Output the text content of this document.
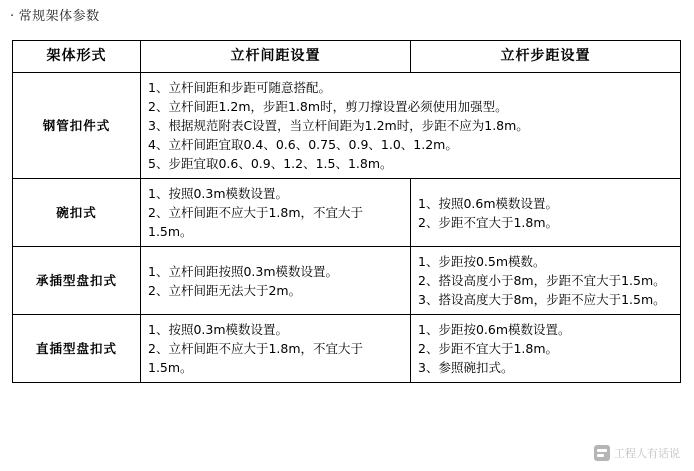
· 常规架体参数
架体形式	立杆间距设置	立杆步距设置
钢管扣件式	1、立杆间距和步距可随意搭配。
2、立杆间距1.2m，步距1.8m时，剪刀撑设置必须使用加强型。
3、根据规范附表C设置，当立杆间距为1.2m时，步距不应为1.8m。
4、立杆间距宜取0.4、0.6、0.75、0.9、1.0、1.2m。
5、步距宜取0.6、0.9、1.2、1.5、1.8m。	

碗扣式	1、按照0.3m模数设置。
2、立杆间距不应大于1.8m，不宜大于1.5m。	1、按照0.6m模数设置。
2、步距不宜大于1.8m。

承插型盘扣式	1、立杆间距按照0.3m模数设置。
2、立杆间距无法大于2m。	1、步距按0.5m模数。
2、搭设高度小于8m，步距不宜大于1.5m。
3、搭设高度大于8m，步距不应大于1.5m。

直插型盘扣式	1、按照0.3m模数设置。
2、立杆间距不应大于1.8m，不宜大于1.5m。	1、步距按0.6m模数设置。
2、步距不宜大于1.8m。
3、参照碗扣式。
工程人有话说
